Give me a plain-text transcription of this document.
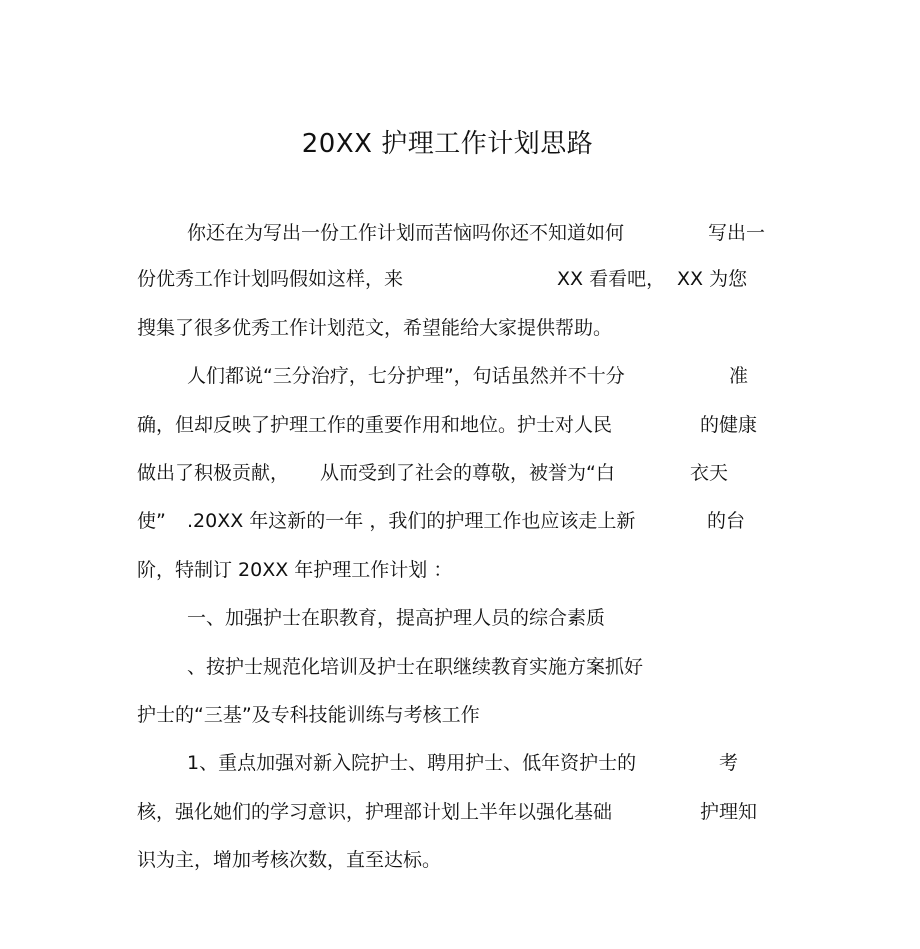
20XX 护理工作计划思路
你还在为写出一份工作计划而苦恼吗你还不知道如何	写出一
份优秀工作计划吗假如这样，来	XX 看看吧， XX 为您
搜集了很多优秀工作计划范文，希望能给大家提供帮助。
人们都说“三分治疗，七分护理”，句话虽然并不十分	准
确，但却反映了护理工作的重要作用和地位。护士对人民	的健康
做出了积极贡献， 从而受到了社会的尊敬，被誉为“白	衣天
使” .20XX 年这新的一年 ，我们的护理工作也应该走上新	的台
阶，特制订 20XX 年护理工作计划 ：
一、加强护士在职教育，提高护理人员的综合素质
、按护士规范化培训及护士在职继续教育实施方案抓好
护士的“三基”及专科技能训练与考核工作
1、重点加强对新入院护士、聘用护士、低年资护士的	考
核，强化她们的学习意识，护理部计划上半年以强化基础	护理知
识为主，增加考核次数，直至达标。
